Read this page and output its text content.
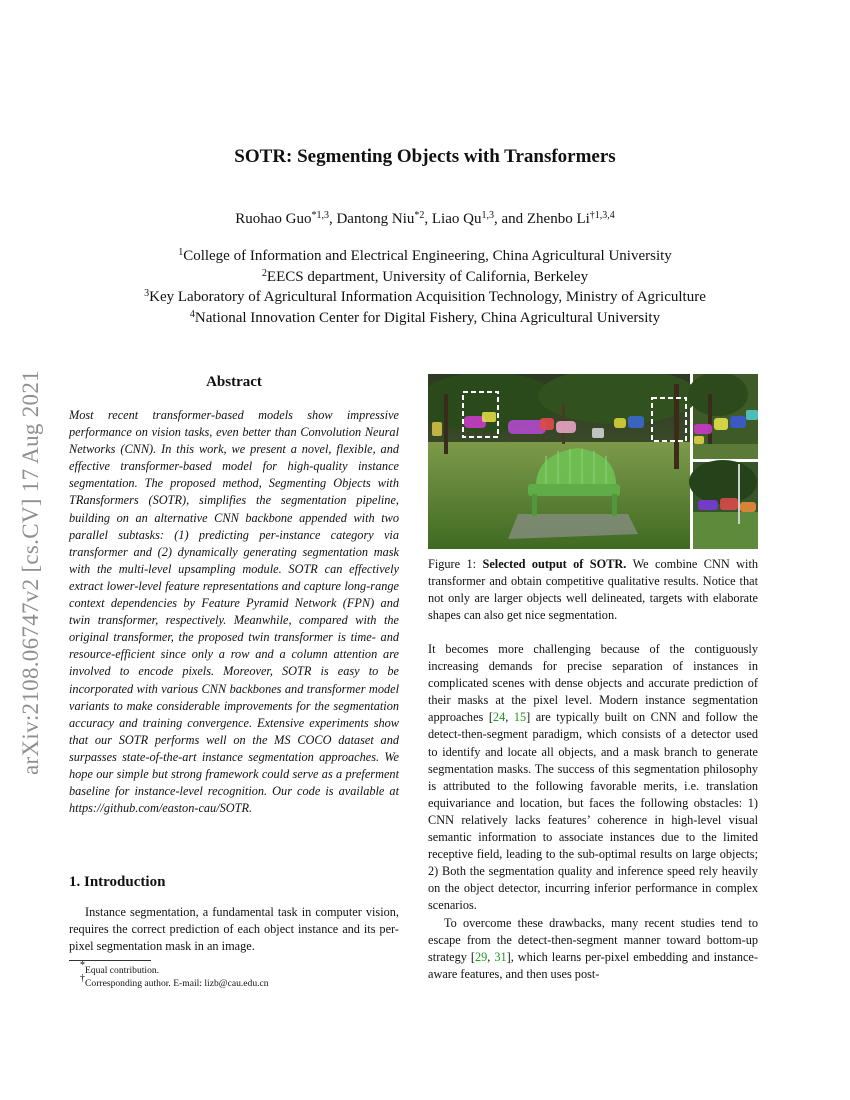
arXiv:2108.06747v2 [cs.CV] 17 Aug 2021
SOTR: Segmenting Objects with Transformers
Ruohao Guo$^{*1,3}$, Dantong Niu$^{*2}$, Liao Qu$^{1,3}$, and Zhenbo Li$^{\dagger 1,3,4}$
$^1$College of Information and Electrical Engineering, China Agricultural University
$^2$EECS department, University of California, Berkeley
$^3$Key Laboratory of Agricultural Information Acquisition Technology, Ministry of Agriculture
$^4$National Innovation Center for Digital Fishery, China Agricultural University
Abstract
Most recent transformer-based models show impressive performance on vision tasks, even better than Convolution Neural Networks (CNN). In this work, we present a novel, flexible, and effective transformer-based model for high-quality instance segmentation. The proposed method, Segmenting Objects with TRansformers (SOTR), simplifies the segmentation pipeline, building on an alternative CNN backbone appended with two parallel subtasks: (1) predicting per-instance category via transformer and (2) dynamically generating segmentation mask with the multi-level upsampling module. SOTR can effectively extract lower-level feature representations and capture long-range context dependencies by Feature Pyramid Network (FPN) and twin transformer, respectively. Meanwhile, compared with the original transformer, the proposed twin transformer is time- and resource-efficient since only a row and a column attention are involved to encode pixels. Moreover, SOTR is easy to be incorporated with various CNN backbones and transformer model variants to make considerable improvements for the segmentation accuracy and training convergence. Extensive experiments show that our SOTR performs well on the MS COCO dataset and surpasses state-of-the-art instance segmentation approaches. We hope our simple but strong framework could serve as a preferment baseline for instance-level recognition. Our code is available at https://github.com/easton-cau/SOTR.
1. Introduction
Instance segmentation, a fundamental task in computer vision, requires the correct prediction of each object instance and its per-pixel segmentation mask in an image.
*Equal contribution.
†Corresponding author. E-mail: lizb@cau.edu.cn
Figure 1: Selected output of SOTR. We combine CNN with transformer and obtain competitive qualitative results. Notice that not only are larger objects well delineated, targets with elaborate shapes can also get nice segmentation.

It becomes more challenging because of the contiguously increasing demands for precise separation of instances in complicated scenes with dense objects and accurate prediction of their masks at the pixel level. Modern instance segmentation approaches [24, 15] are typically built on CNN and follow the detect-then-segment paradigm, which consists of a detector used to identify and locate all objects, and a mask branch to generate segmentation masks. The success of this segmentation philosophy is attributed to the following favorable merits, i.e. translation equivariance and location, but faces the following obstacles: 1) CNN relatively lacks features’ coherence in high-level visual semantic information to associate instances due to the limited receptive field, leading to the sub-optimal results on large objects; 2) Both the segmentation quality and inference speed rely heavily on the object detector, incurring inferior performance in complex scenarios.

To overcome these drawbacks, many recent studies tend to escape from the detect-then-segment manner toward bottom-up strategy [29, 31], which learns per-pixel embedding and instance-aware features, and then uses post-
